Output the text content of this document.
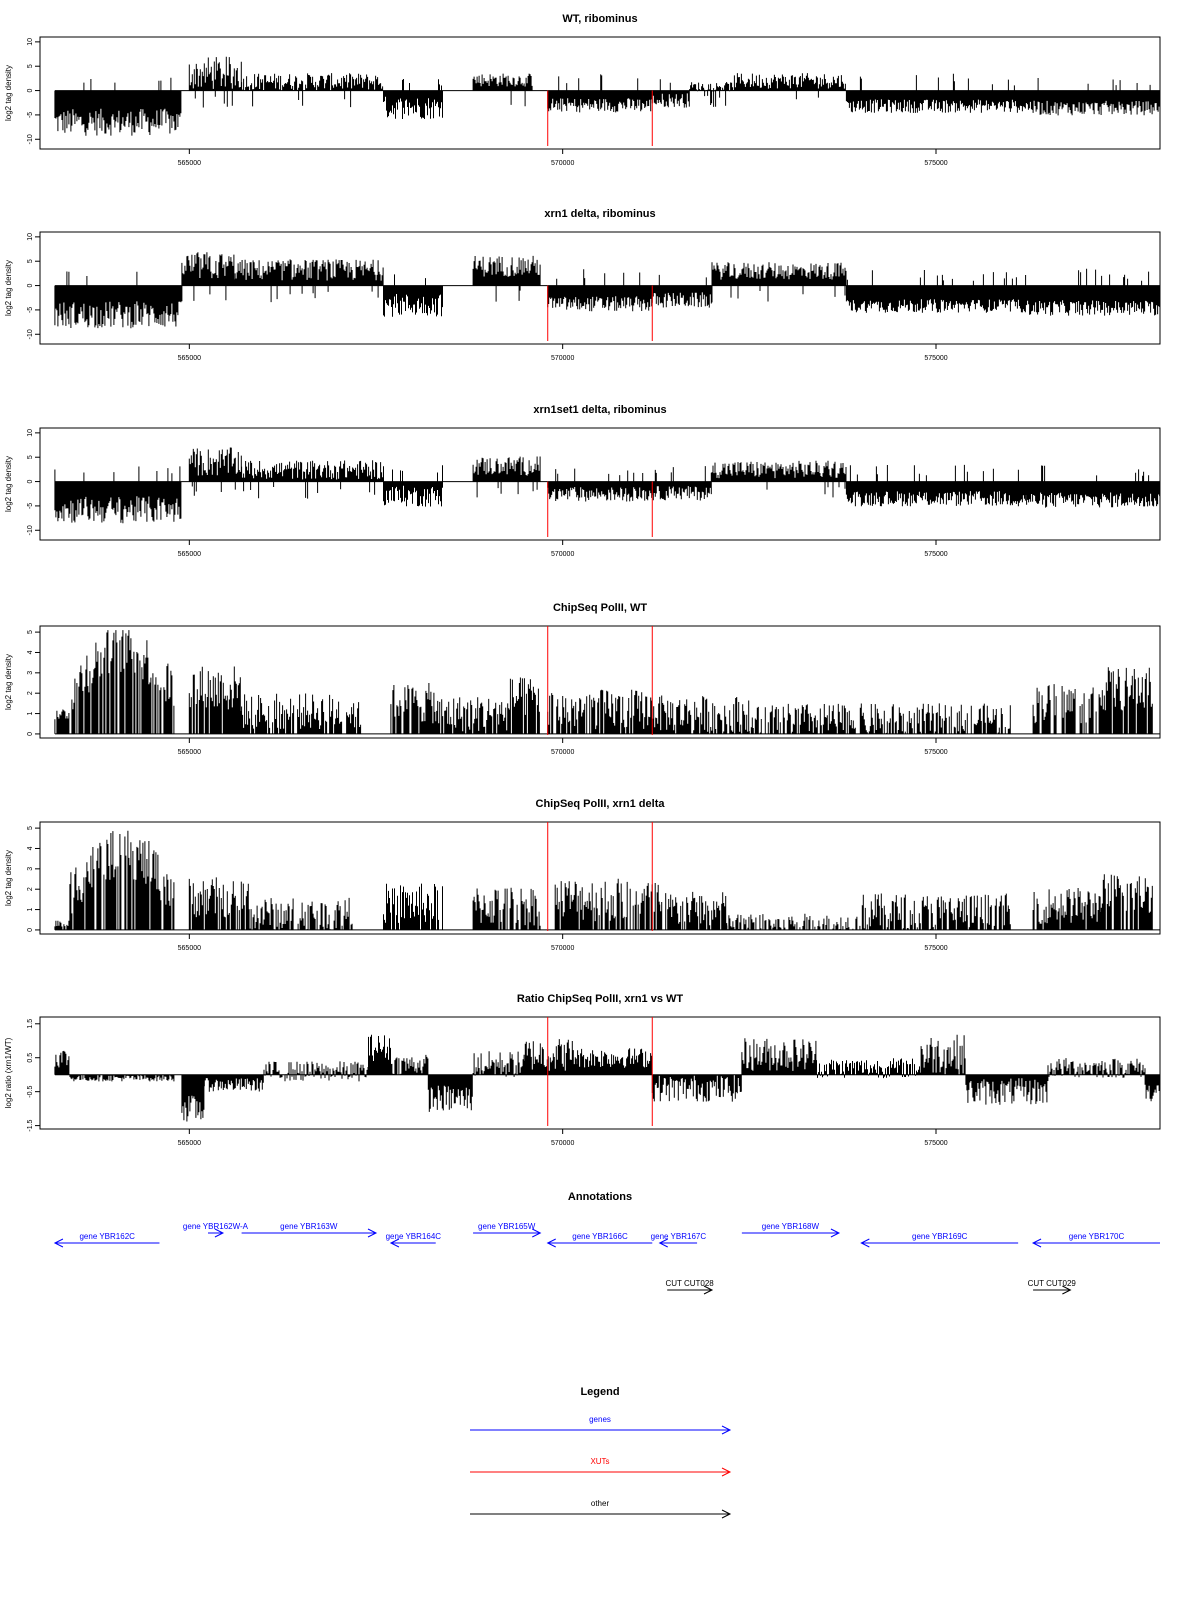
WT, ribominus
log2 tag density
10
5
0
-5
-10
565000	570000	575000
xrn1 delta, ribominus
log2 tag density
10
5
0
-5
-10
565000	570000	575000
xrn1set1 delta, ribominus
log2 tag density
10
5
0
-5
-10
565000	570000	575000
ChipSeq PolII, WT
log2 tag density
5
4
3
2
1
0
565000	570000	575000
ChipSeq PolII, xrn1 delta
log2 tag density
5
4
3
2
1
0
565000	570000	575000
Ratio ChipSeq PolII, xrn1 vs WT
log2 ratio (xrn1/WT)
1.5
0.5
-0.5
-1.5
565000	570000	575000
Annotations
gene YBR162C
gene YBR162W-A	gene YBR163W
gene YBR164C
gene YBR165W
gene YBR166C	gene YBR167C
gene YBR168W
gene YBR169C	gene YBR170C
CUT CUT028	CUT CUT029
Legend
genes
XUTs
other
